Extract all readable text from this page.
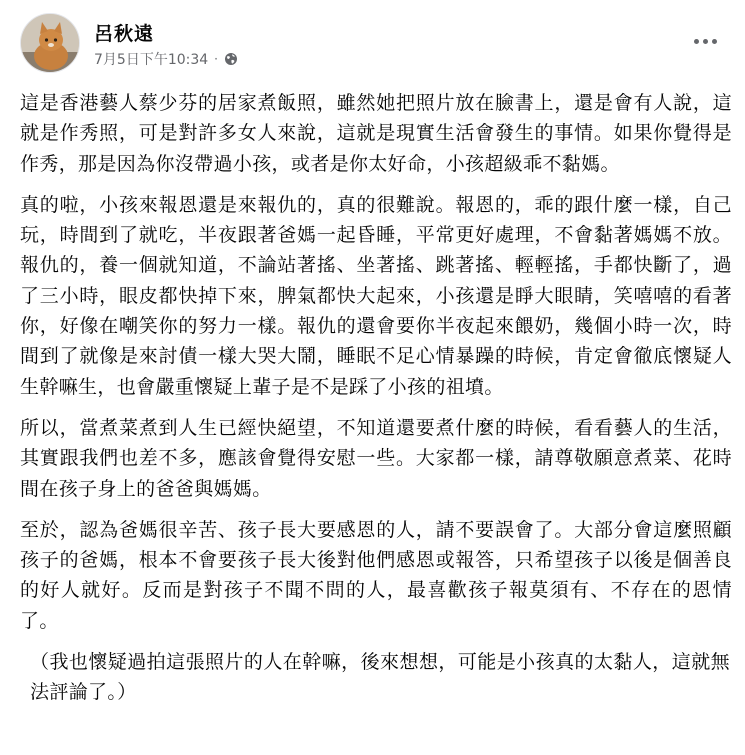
呂秋遠
7月5日下午10:34 ·

這是香港藝人蔡少芬的居家煮飯照，雖然她把照片放在臉書上，還是會有人說，這就是作秀照，可是對許多女人來說，這就是現實生活會發生的事情。如果你覺得是作秀，那是因為你沒帶過小孩，或者是你太好命，小孩超級乖不黏媽。

真的啦，小孩來報恩還是來報仇的，真的很難說。報恩的，乖的跟什麼一樣，自己玩，時間到了就吃，半夜跟著爸媽一起昏睡，平常更好處理，不會黏著媽媽不放。報仇的，養一個就知道，不論站著搖、坐著搖、跳著搖、輕輕搖，手都快斷了，過了三小時，眼皮都快掉下來，脾氣都快大起來，小孩還是睜大眼睛，笑嘻嘻的看著你，好像在嘲笑你的努力一樣。報仇的還會要你半夜起來餵奶，幾個小時一次，時間到了就像是來討債一樣大哭大鬧，睡眠不足心情暴躁的時候，肯定會徹底懷疑人生幹嘛生，也會嚴重懷疑上輩子是不是踩了小孩的祖墳。

所以，當煮菜煮到人生已經快絕望，不知道還要煮什麼的時候，看看藝人的生活，其實跟我們也差不多，應該會覺得安慰一些。大家都一樣，請尊敬願意煮菜、花時間在孩子身上的爸爸與媽媽。

至於，認為爸媽很辛苦、孩子長大要感恩的人，請不要誤會了。大部分會這麼照顧孩子的爸媽，根本不會要孩子長大後對他們感恩或報答，只希望孩子以後是個善良的好人就好。反而是對孩子不聞不問的人，最喜歡孩子報莫須有、不存在的恩情了。

（我也懷疑過拍這張照片的人在幹嘛，後來想想，可能是小孩真的太黏人，這就無法評論了。）
